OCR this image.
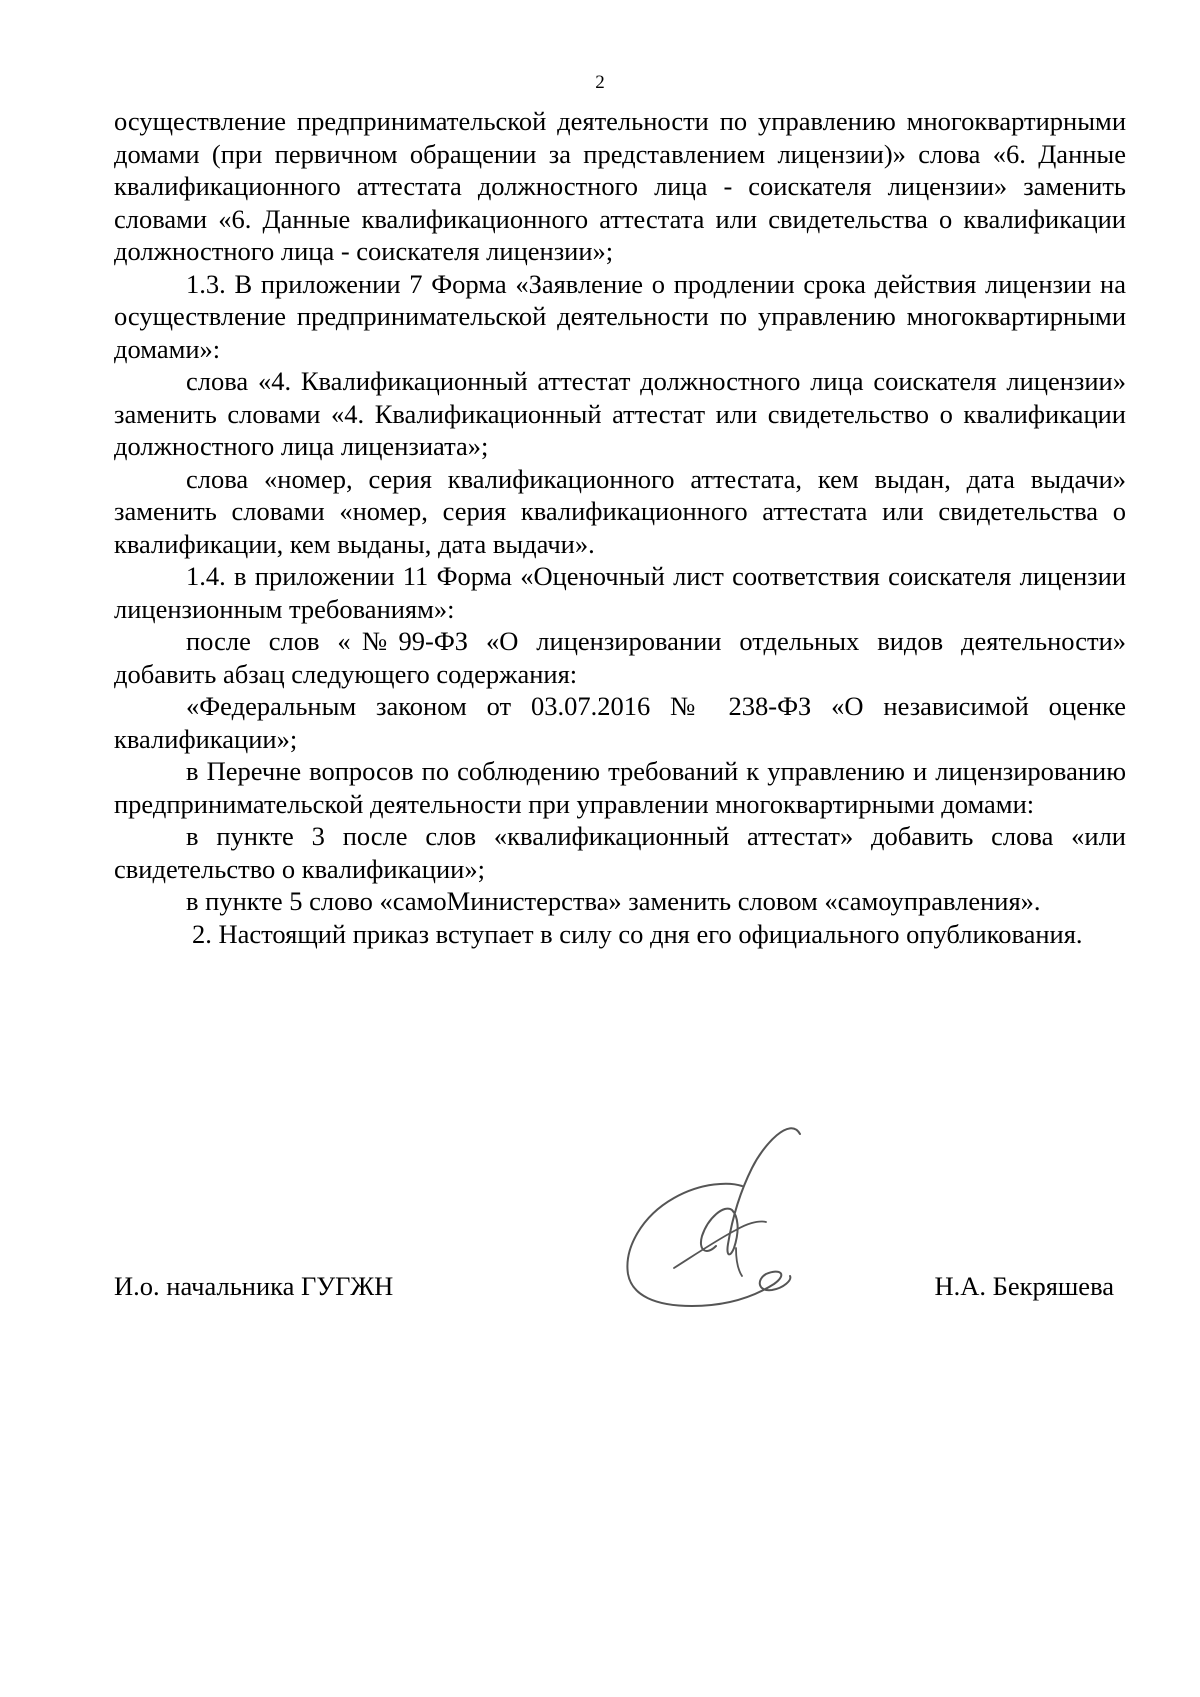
2

осуществление предпринимательской деятельности по управлению многоквартирными домами (при первичном обращении за представлением лицензии)» слова «6. Данные квалификационного аттестата должностного лица - соискателя лицензии» заменить словами «6. Данные квалификационного аттестата или свидетельства о квалификации должностного лица - соискателя лицензии»;

1.3. В приложении 7 Форма «Заявление о продлении срока действия лицензии на осуществление предпринимательской деятельности по управлению многоквартирными домами»:

слова «4. Квалификационный аттестат должностного лица соискателя лицензии» заменить словами «4. Квалификационный аттестат или свидетельство о квалификации должностного лица лицензиата»;

слова «номер, серия квалификационного аттестата, кем выдан, дата выдачи» заменить словами «номер, серия квалификационного аттестата или свидетельства о квалификации, кем выданы, дата выдачи».

1.4. в приложении 11 Форма «Оценочный лист соответствия соискателя лицензии лицензионным требованиям»:

после слов «№99-ФЗ «О лицензировании отдельных видов деятельности» добавить абзац следующего содержания:

«Федеральным законом от 03.07.2016 № 238-ФЗ «О независимой оценке квалификации»;

в Перечне вопросов по соблюдению требований к управлению и лицензированию предпринимательской деятельности при управлении многоквартирными домами:

в пункте 3 после слов «квалификационный аттестат» добавить слова «или свидетельство о квалификации»;

в пункте 5 слово «самоМинистерства» заменить словом «самоуправления».

2. Настоящий приказ вступает в силу со дня его официального опубликования.

И.о. начальника ГУГЖН	Н.А. Бекряшева
